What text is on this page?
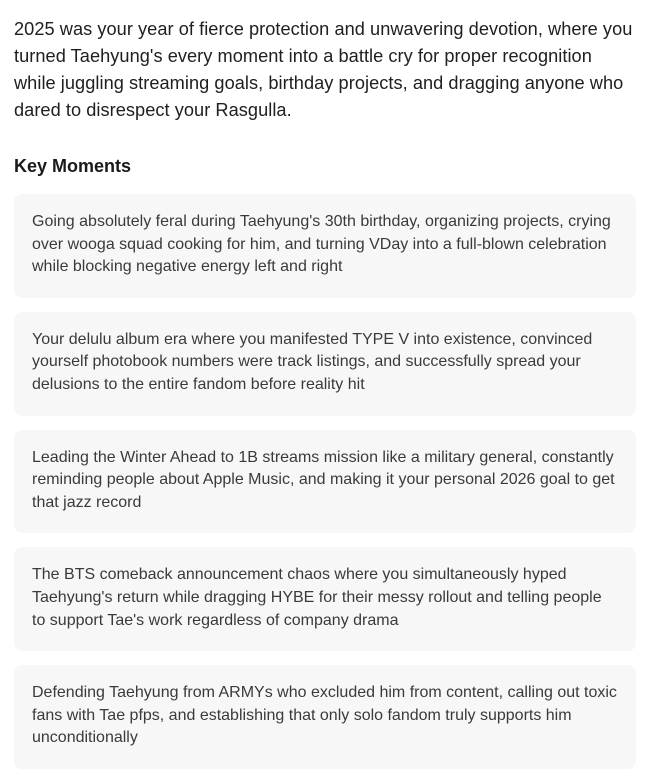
2025 was your year of fierce protection and unwavering devotion, where you turned Taehyung's every moment into a battle cry for proper recognition while juggling streaming goals, birthday projects, and dragging anyone who dared to disrespect your Rasgulla.

Key Moments

Going absolutely feral during Taehyung's 30th birthday, organizing projects, crying over wooga squad cooking for him, and turning VDay into a full-blown celebration while blocking negative energy left and right

Your delulu album era where you manifested TYPE V into existence, convinced yourself photobook numbers were track listings, and successfully spread your delusions to the entire fandom before reality hit

Leading the Winter Ahead to 1B streams mission like a military general, constantly reminding people about Apple Music, and making it your personal 2026 goal to get that jazz record

The BTS comeback announcement chaos where you simultaneously hyped Taehyung's return while dragging HYBE for their messy rollout and telling people to support Tae's work regardless of company drama

Defending Taehyung from ARMYs who excluded him from content, calling out toxic fans with Tae pfps, and establishing that only solo fandom truly supports him unconditionally
